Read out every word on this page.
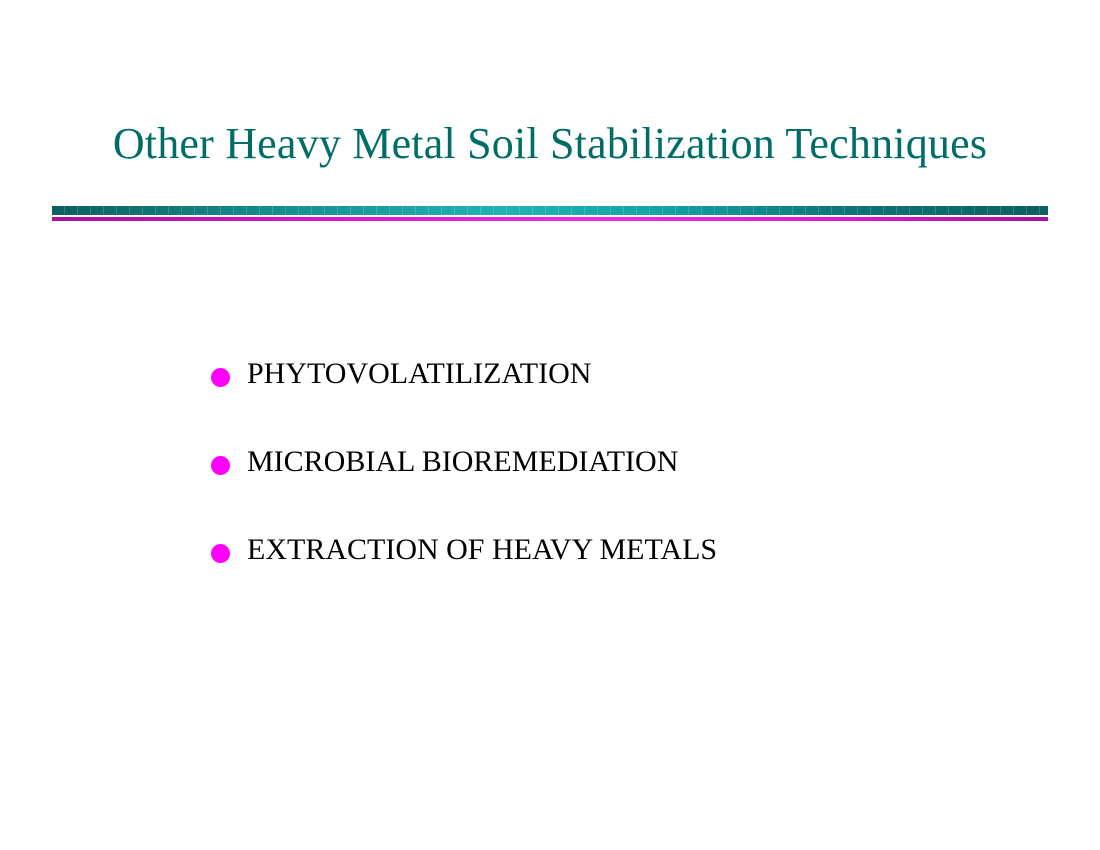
Other Heavy Metal Soil Stabilization Techniques
PHYTOVOLATILIZATION
MICROBIAL BIOREMEDIATION
EXTRACTION OF HEAVY METALS
